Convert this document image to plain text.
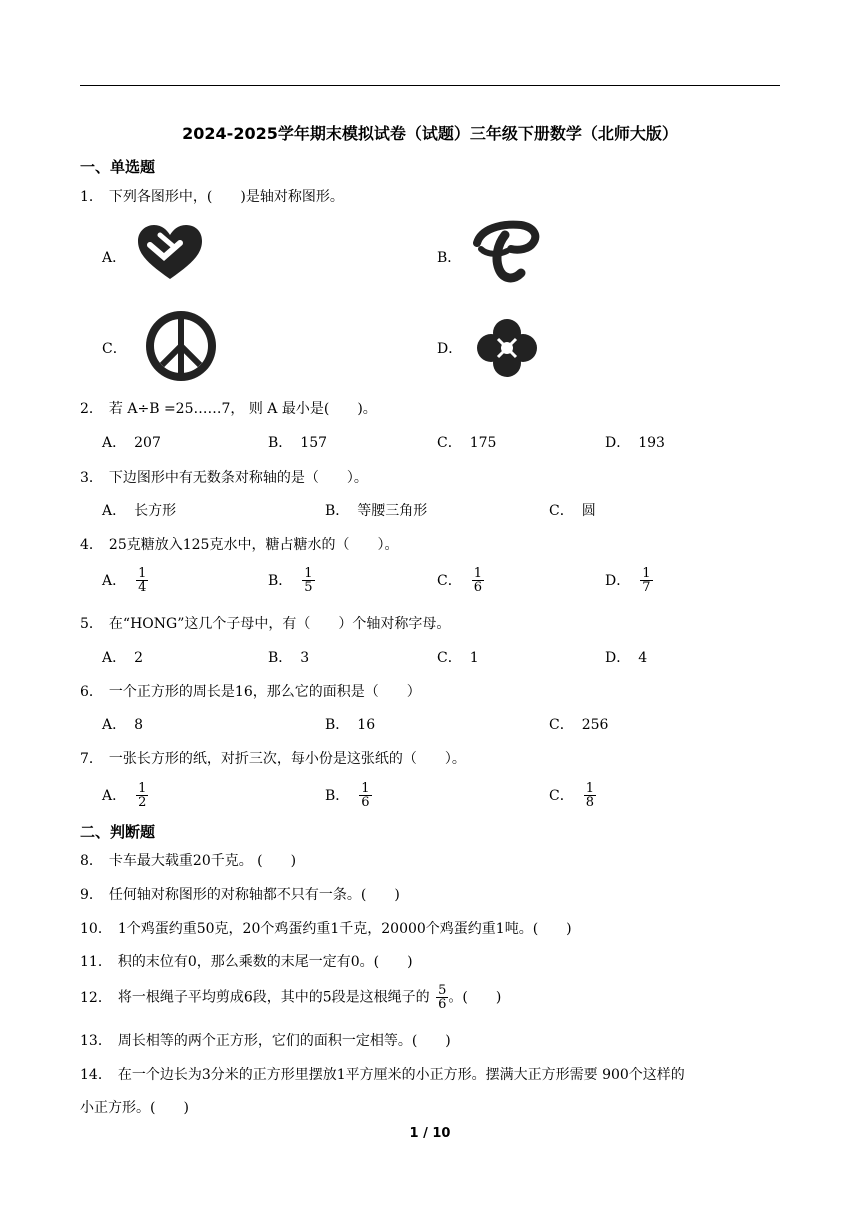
2024-2025学年期末模拟试卷（试题）三年级下册数学（北师大版）
一、单选题
1． 下列各图形中，(　　)是轴对称图形。
A．	B．
C．	D．
2． 若 A÷B =25……7， 则 A 最小是(　　)。
A． 207	B． 157	C． 175	D． 193
3． 下边图形中有无数条对称轴的是（　　）。
A． 长方形	B． 等腰三角形	C． 圆
4． 25克糖放入125克水中，糖占糖水的（　　）。
A． $\frac{1}{4}$	B． $\frac{1}{5}$	C． $\frac{1}{6}$	D． $\frac{1}{7}$
5． 在“HONG”这几个子母中，有（　　）个轴对称字母。
A． 2	B． 3	C． 1	D． 4
6． 一个正方形的周长是16，那么它的面积是（　　）
A． 8	B． 16	C． 256
7． 一张长方形的纸，对折三次，每小份是这张纸的（　　）。
A． $\frac{1}{2}$	B． $\frac{1}{6}$	C． $\frac{1}{8}$
二、判断题
8． 卡车最大载重20千克。 (　　)
9． 任何轴对称图形的对称轴都不只有一条。(　　)
10． 1个鸡蛋约重50克，20个鸡蛋约重1千克，20000个鸡蛋约重1吨。(　　)
11． 积的末位有0，那么乘数的末尾一定有0。(　　)
12． 将一根绳子平均剪成6段，其中的5段是这根绳子的 $\frac{5}{6}$ 。(　　)
13． 周长相等的两个正方形，它们的面积一定相等。(　　)
14． 在一个边长为3分米的正方形里摆放1平方厘米的小正方形。摆满大正方形需要 900个这样的
小正方形。(　　)
1 / 10
